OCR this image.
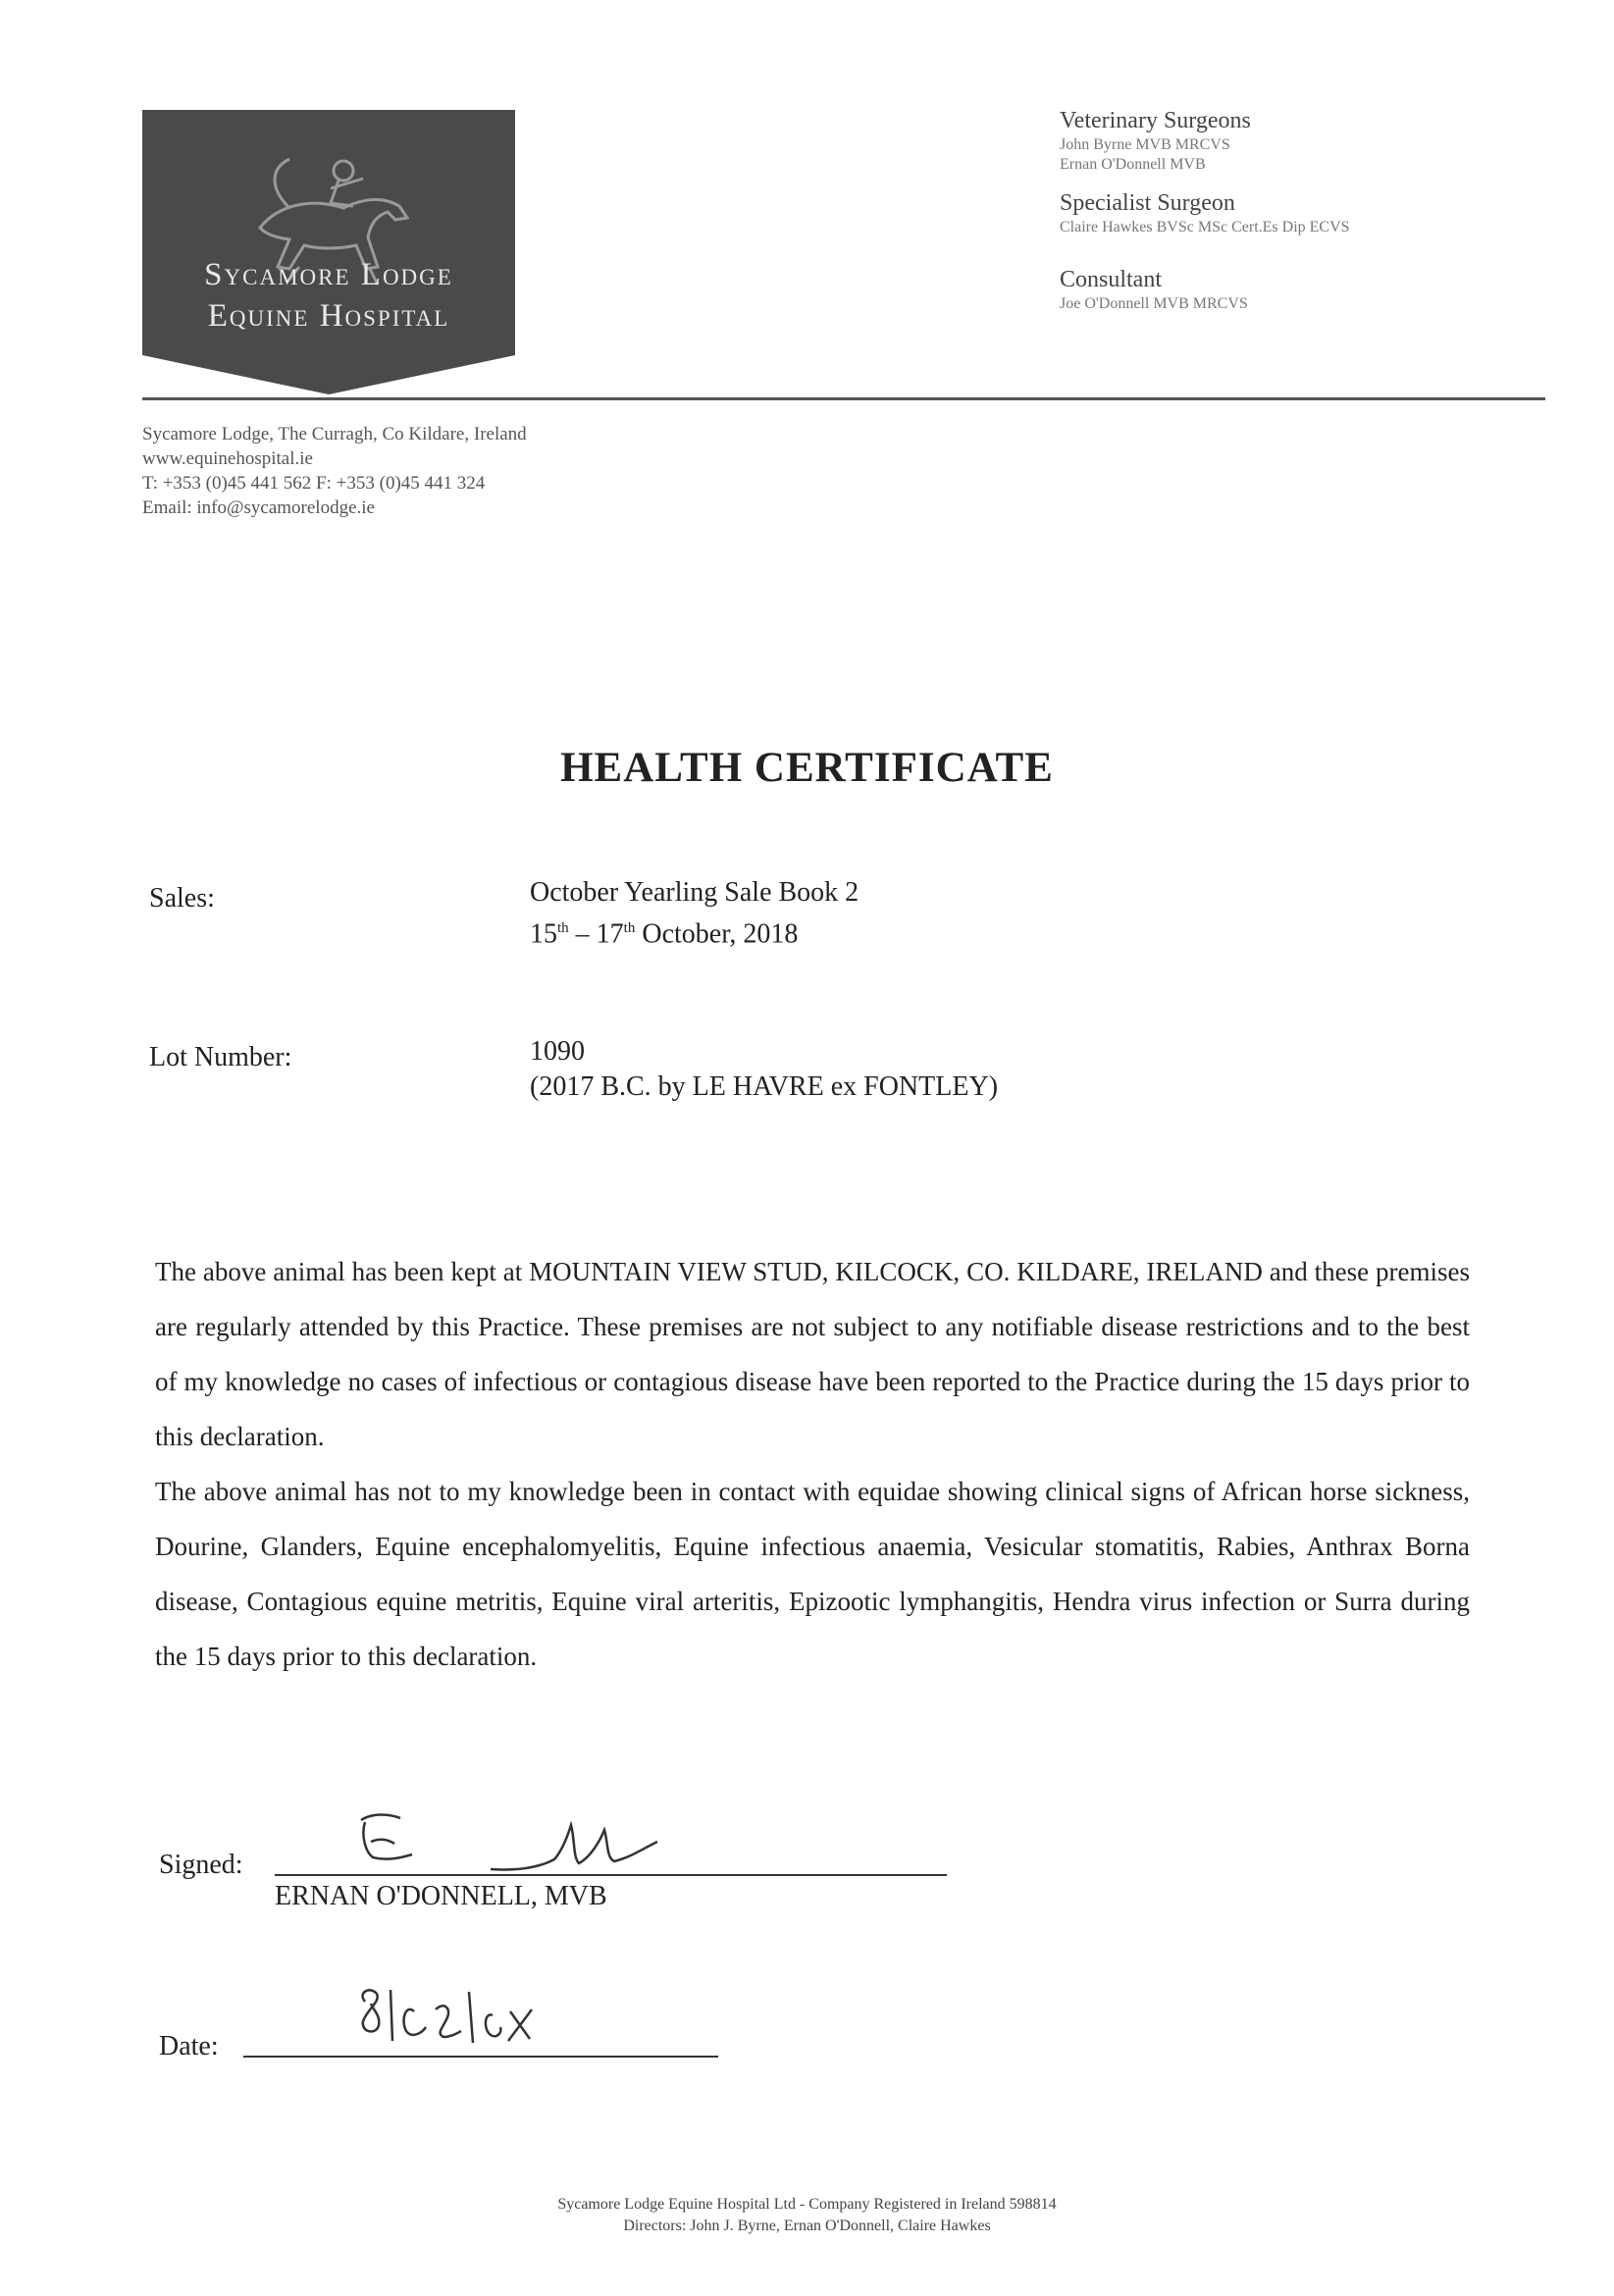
Sycamore Lodge
Equine Hospital

Veterinary Surgeons

John Byrne MVB MRCVS

Ernan O'Donnell MVB

Specialist Surgeon

Claire Hawkes BVSc MSc Cert.Es Dip ECVS

Consultant

Joe O'Donnell MVB MRCVS

Sycamore Lodge, The Curragh, Co Kildare, Ireland
www.equinehospital.ie
T: +353 (0)45 441 562 F: +353 (0)45 441 324
Email: info@sycamorelodge.ie
HEALTH CERTIFICATE
Sales:	October Yearling Sale Book 2
15th – 17th October, 2018
Lot Number:	1090
(2017 B.C. by LE HAVRE ex FONTLEY)

The above animal has been kept at MOUNTAIN VIEW STUD, KILCOCK, CO. KILDARE, IRELAND and these premises are regularly attended by this Practice. These premises are not subject to any notifiable disease restrictions and to the best of my knowledge no cases of infectious or contagious disease have been reported to the Practice during the 15 days prior to this declaration.

The above animal has not to my knowledge been in contact with equidae showing clinical signs of African horse sickness, Dourine, Glanders, Equine encephalomyelitis, Equine infectious anaemia, Vesicular stomatitis, Rabies, Anthrax Borna disease, Contagious equine metritis, Equine viral arteritis, Epizootic lymphangitis, Hendra virus infection or Surra during the 15 days prior to this declaration.

Signed:
ERNAN O'DONNELL, MVB
Date:
Sycamore Lodge Equine Hospital Ltd - Company Registered in Ireland 598814
Directors: John J. Byrne, Ernan O'Donnell, Claire Hawkes
